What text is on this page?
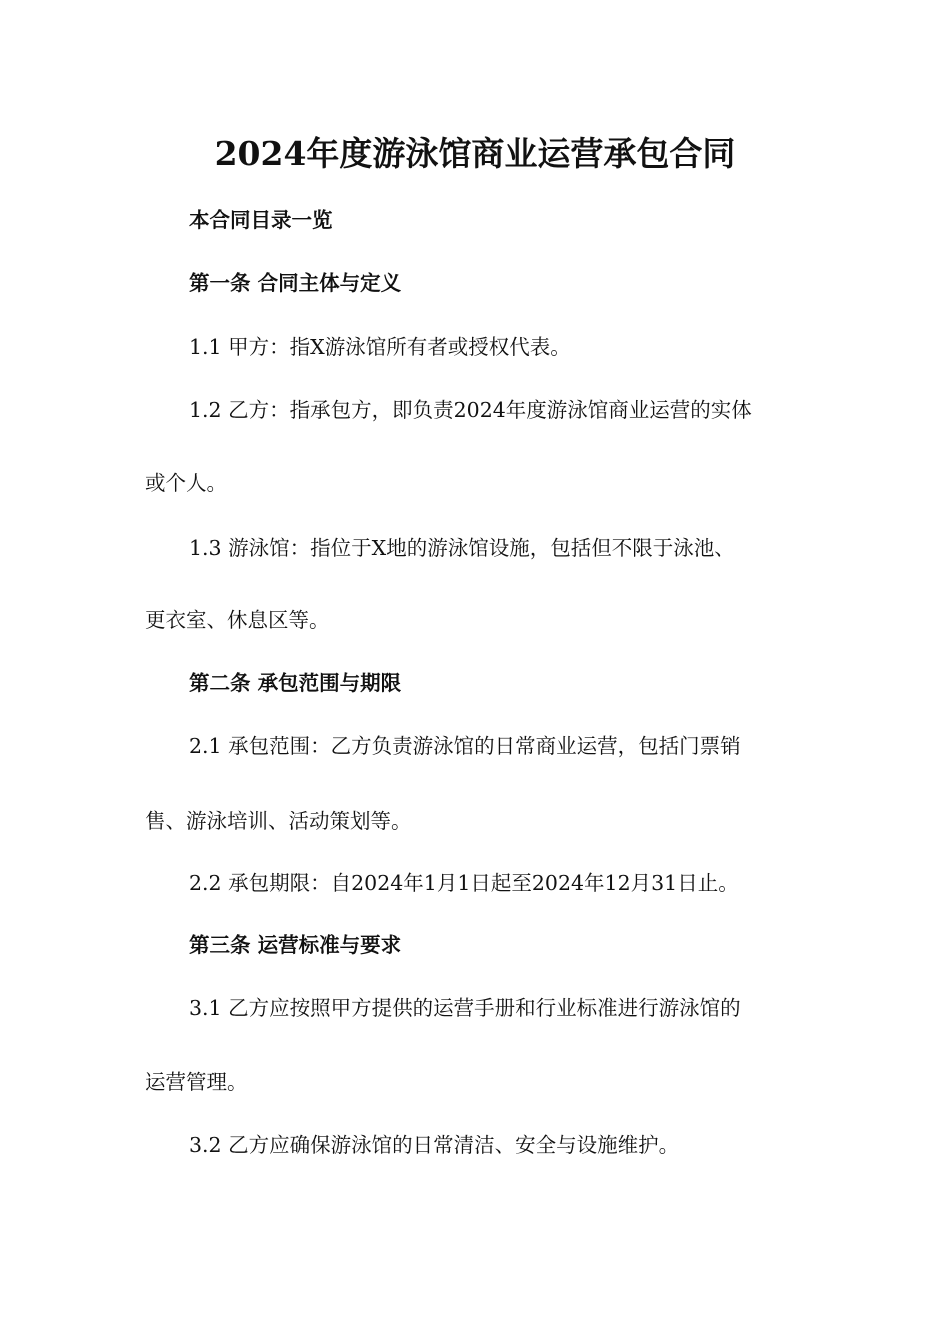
2024年度游泳馆商业运营承包合同
本合同目录一览
第一条 合同主体与定义
1.1 甲方：指X游泳馆所有者或授权代表。
1.2 乙方：指承包方，即负责2024年度游泳馆商业运营的实体
或个人。
1.3 游泳馆：指位于X地的游泳馆设施，包括但不限于泳池、
更衣室、休息区等。
第二条 承包范围与期限
2.1 承包范围：乙方负责游泳馆的日常商业运营，包括门票销
售、游泳培训、活动策划等。
2.2 承包期限：自2024年1月1日起至2024年12月31日止。
第三条 运营标准与要求
3.1 乙方应按照甲方提供的运营手册和行业标准进行游泳馆的
运营管理。
3.2 乙方应确保游泳馆的日常清洁、安全与设施维护。
